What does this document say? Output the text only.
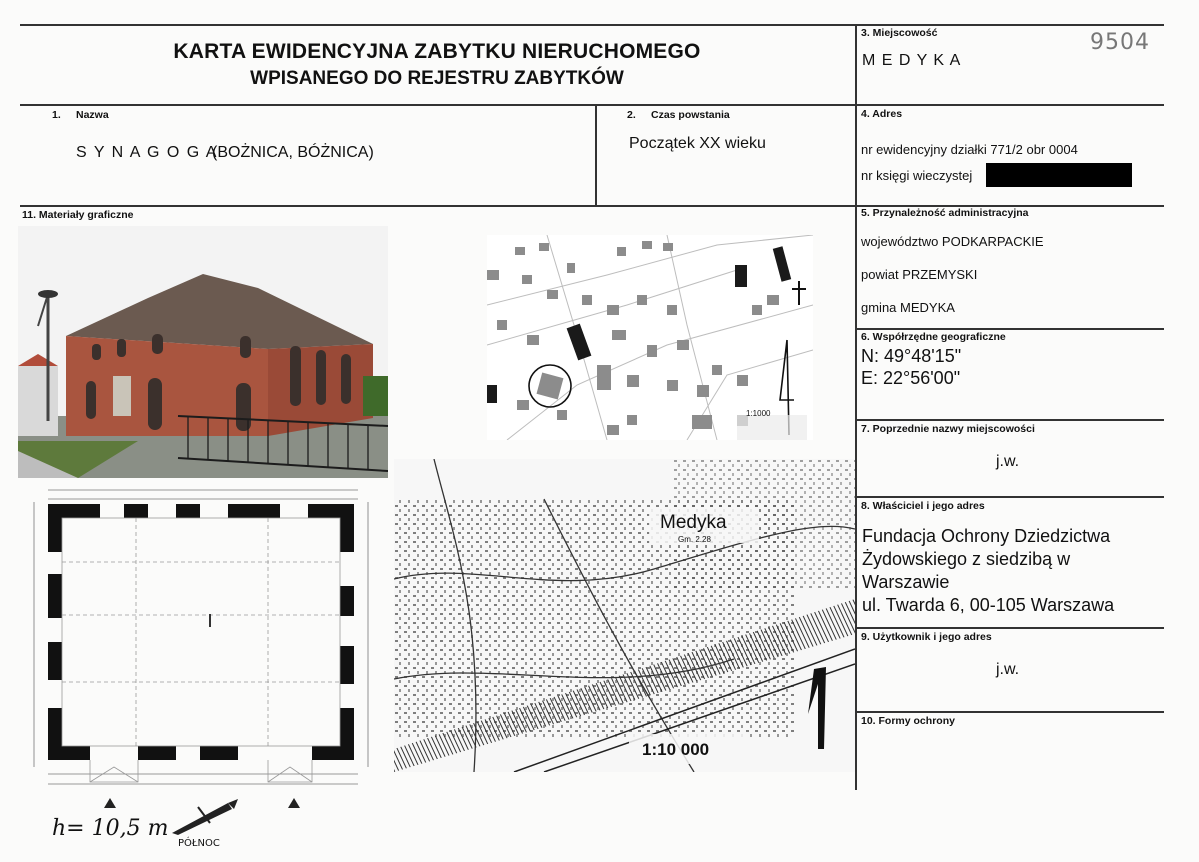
KARTA EWIDENCYJNA ZABYTKU NIERUCHOMEGO
WPISANEGO DO REJESTRU ZABYTKÓW
3. Miejscowość
M E D Y K A
9504
1. Nazwa
S Y N A G O G A
(BOŻNICA, BÓŻNICA)
2. Czas powstania
Początek XX wieku
4. Adres
nr ewidencyjny działki 771/2 obr 0004
nr księgi wieczystej
11. Materiały graficzne	5. Przynależność administracyjna
województwo PODKARPACKIE
powiat PRZEMYSKI
gmina MEDYKA
6. Współrzędne geograficzne
N: 49°48'15"
E: 22°56'00"
7. Poprzednie nazwy miejscowości
j.w.
8. Właściciel i jego adres
Fundacja Ochrony Dziedzictwa
Żydowskiego z siedzibą w
Warszawie
ul. Twarda 6, 00-105 Warszawa
9. Użytkownik i jego adres
j.w.
10. Formy ochrony
1:1000
Medyka
Gm. 2.28
1:10 000
h= 10,5 m
PÓŁNOC
